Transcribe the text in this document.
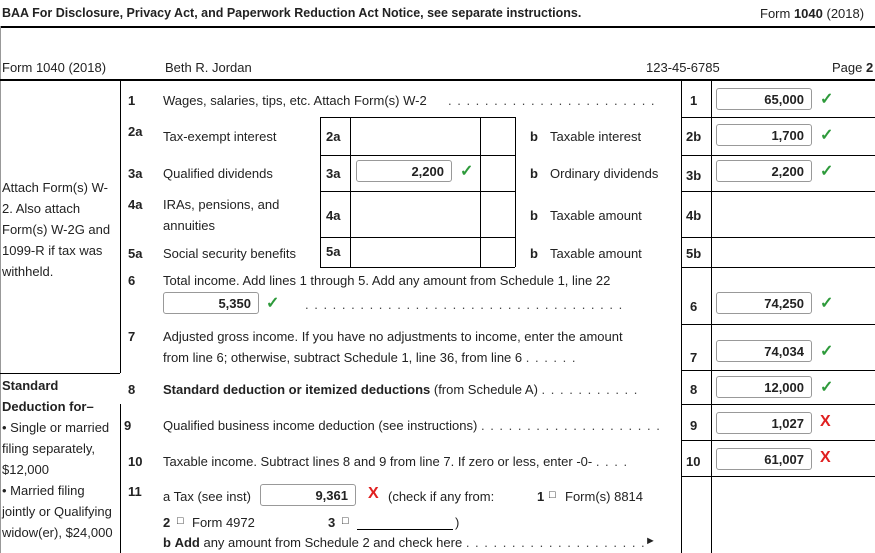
BAA For Disclosure, Privacy Act, and Paperwork Reduction Act Notice, see separate instructions.	Form 1040 (2018)
Form 1040 (2018)	Beth R. Jordan	123-45-6785	Page 2
Attach Form(s) W-
2. Also attach
Form(s) W-2G and
1099-R if tax was
withheld.
Standard
Deduction for–
• Single or married
filing separately,
$12,000
• Married filing
jointly or Qualifying
widow(er), $24,000
1 Wages, salaries, tips, etc. Attach Form(s) W-2 . . . . . . . . . . . . . . . . . . . . . . .	1	65,000	✓
2a Tax-exempt interest	2a	b Taxable interest	2b	1,700	✓
3a Qualified dividends	3a	2,200	✓	b Ordinary dividends 3b	2,200	✓
4a IRAs, pensions, and
annuities
4a	b Taxable amount	4b
5a Social security benefits 5a	b Taxable amount	5b
6 Total income. Add lines 1 through 5. Add any amount from Schedule 1, line 22
5,350 ✓ . . . . . . . . . . . . . . . . . . . . . . . . . . . . . . . . . . .	6	74,250	✓
7 Adjusted gross income. If you have no adjustments to income, enter the amount
from line 6; otherwise, subtract Schedule 1, line 36, from line 6 . . . . . .	7	74,034	✓
8 Standard deduction or itemized deductions (from Schedule A) . . . . . . . . . . .	8	12,000	✓
9 Qualified business income deduction (see instructions) . . . . . . . . . . . . . . . . . . . . 9	1,027	X
10 Taxable income. Subtract lines 8 and 9 from line 7. If zero or less, enter -0- . . . .	10	61,007	X
11 a Tax (see inst)	9,361	X (check if any from:	1 □ Form(s) 8814
2 □ Form 4972	3 □	)
b Add any amount from Schedule 2 and check here . . . . . . . . . . . . . . . . . . . . ►
